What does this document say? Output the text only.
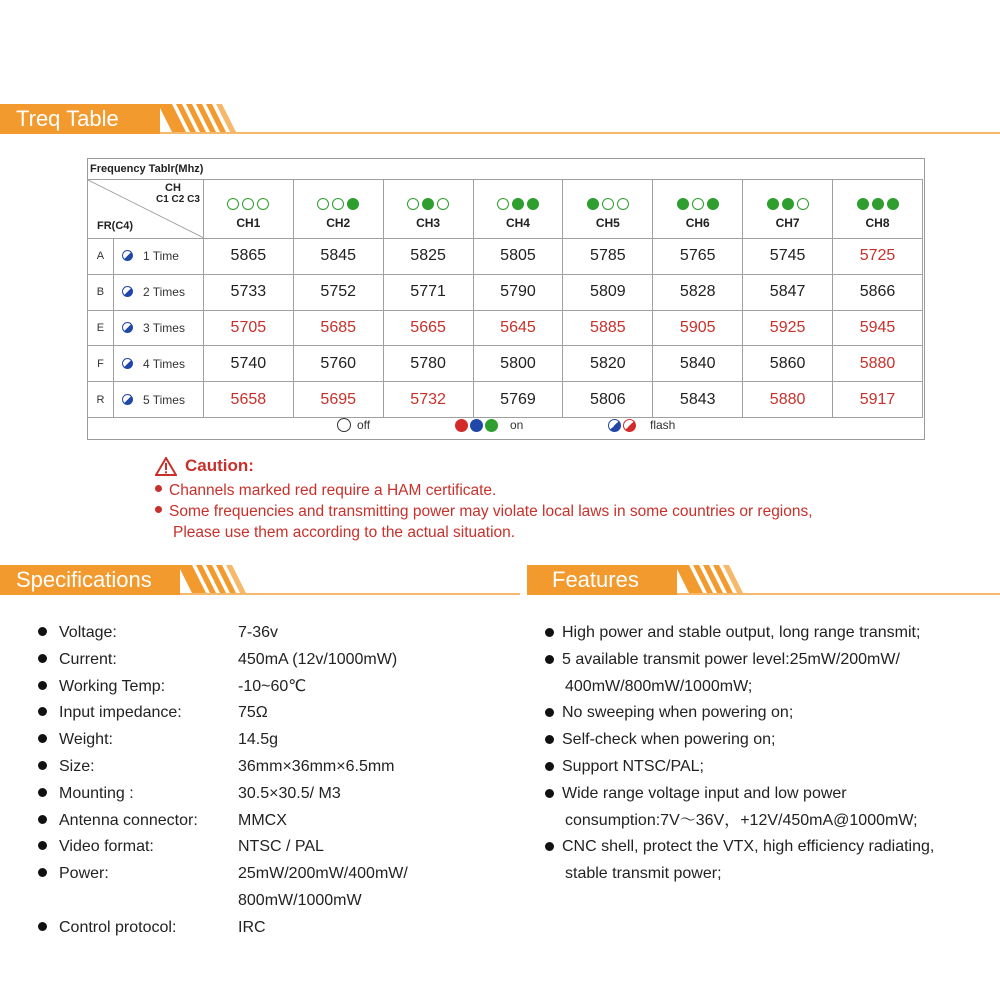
Treq Table
Frequency Tablr(Mhz)
CH
C1 C2 C3
FR(C4)		CH1	CH2	CH3	CH4	CH5	CH6	CH7	CH8

A	1 Time	5865	5845	5825	5805	5785	5765	5745	5725
B	2 Times	5733	5752	5771	5790	5809	5828	5847	5866
E	3 Times	5705	5685	5665	5645	5885	5905	5925	5945
F	4 Times	5740	5760	5780	5800	5820	5840	5860	5880
R	5 Times	5658	5695	5732	5769	5806	5843	5880	5917
off	on	flash
Caution:
Channels marked red require a HAM certificate.
Some frequencies and transmitting power may violate local laws in some countries or regions,
Please use them according to the actual situation.
Specifications	Features
Voltage:	7-36v
Current:	450mA (12v/1000mW)
Working Temp:	-10~60℃
Input impedance:	75Ω
Weight:	14.5g
Size:	36mm×36mm×6.5mm
Mounting :	30.5×30.5/ M3
Antenna connector:	MMCX
Video format:	NTSC / PAL
Power:	25mW/200mW/400mW/
800mW/1000mW
Control protocol:	IRC
High power and stable output, long range transmit;
5 available transmit power level:25mW/200mW/
400mW/800mW/1000mW;
No sweeping when powering on;
Self-check when powering on;
Support NTSC/PAL;
Wide range voltage input and low power
consumption:7V～36V，+12V/450mA@1000mW;
CNC shell, protect the VTX, high efficiency radiating,
stable transmit power;
